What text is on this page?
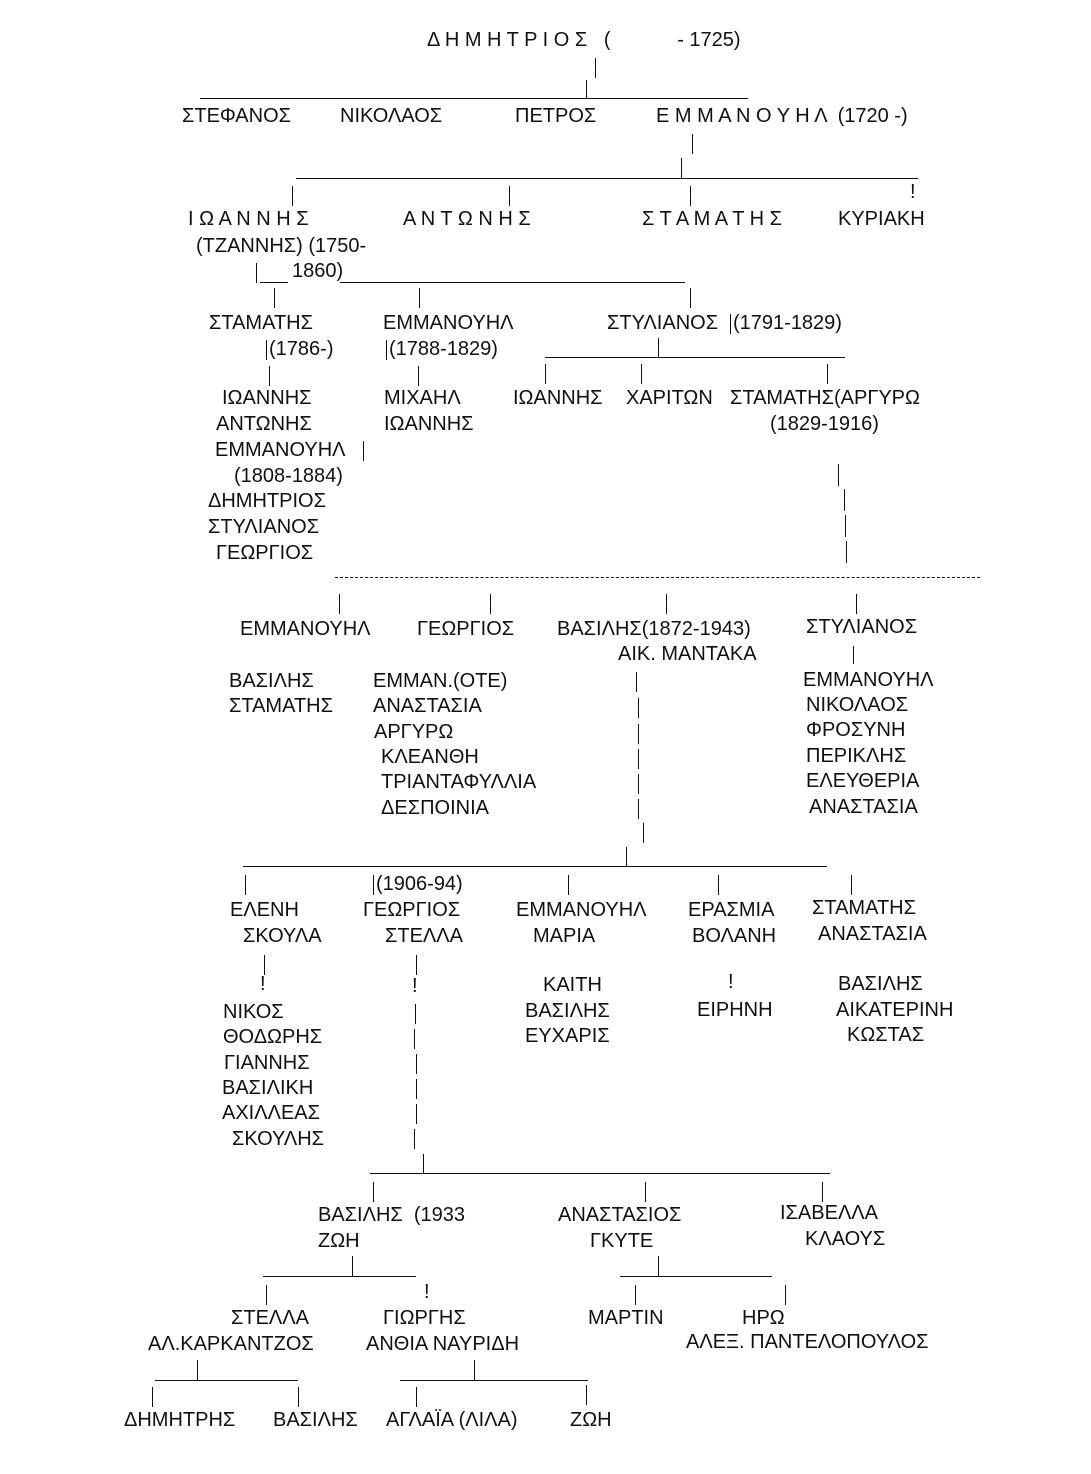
Δ Η Μ Η Τ Ρ Ι Ο Σ   (            - 1725)
ΣΤΕΦΑΝΟΣ ΝΙΚΟΛΑΟΣ	ΠΕΤΡΟΣ	Ε Μ Μ Α Ν Ο Υ Η Λ  (1720 -)
!
Ι Ω Α Ν Ν Η Σ	Α Ν Τ Ω Ν Η Σ	Σ Τ Α Μ Α Τ Η Σ	ΚΥΡΙΑΚΗ
(ΤΖΑΝΝΗΣ) (1750-
1860)
ΣΤΑΜΑΤΗΣ	ΕΜΜΑΝΟΥΗΛ	ΣΤΥΛΙΑΝΟΣ (1791-1829)
(1786-)	(1788-1829)
ΙΩΑΝΝΗΣ
ΑΝΤΩΝΗΣ
ΕΜΜΑΝΟΥΗΛ
(1808-1884)
ΔΗΜΗΤΡΙΟΣ
ΣΤΥΛΙΑΝΟΣ
ΓΕΩΡΓΙΟΣ
ΜΙΧΑΗΛ
ΙΩΑΝΝΗΣ
ΙΩΑΝΝΗΣ ΧΑΡΙΤΩΝ ΣΤΑΜΑΤΗΣ(ΑΡΓΥΡΩ
(1829-1916)
ΕΜΜΑΝΟΥΗΛ ΓΕΩΡΓΙΟΣ ΒΑΣΙΛΗΣ(1872-1943)	ΣΤΥΛΙΑΝΟΣ
ΑΙΚ. ΜΑΝΤΑΚΑ
ΒΑΣΙΛΗΣ
ΣΤΑΜΑΤΗΣ
ΕΜΜΑΝ.(ΟΤΕ)
ΑΝΑΣΤΑΣΙΑ
ΑΡΓΥΡΩ
ΚΛΕΑΝΘΗ
ΤΡΙΑΝΤΑΦΥΛΛΙΑ
ΔΕΣΠΟΙΝΙΑ
ΕΜΜΑΝΟΥΗΛ
ΝΙΚΟΛΑΟΣ
ΦΡΟΣΥΝΗ
ΠΕΡΙΚΛΗΣ
ΕΛΕΥΘΕΡΙΑ
ΑΝΑΣΤΑΣΙΑ
(1906-94)
ΕΛΕΝΗ	ΓΕΩΡΓΙΟΣ	ΕΜΜΑΝΟΥΗΛ ΕΡΑΣΜΙΑ ΣΤΑΜΑΤΗΣ
ΣΚΟΥΛΑ	ΣΤΕΛΛΑ	ΜΑΡΙΑ	ΒΟΛΑΝΗ ΑΝΑΣΤΑΣΙΑ
!	!	!
ΝΙΚΟΣ
ΘΟΔΩΡΗΣ
ΓΙΑΝΝΗΣ
ΒΑΣΙΛΙΚΗ
ΑΧΙΛΛΕΑΣ
ΣΚΟΥΛΗΣ
ΚΑΙΤΗ
ΒΑΣΙΛΗΣ
ΕΥΧΑΡΙΣ
ΕΙΡΗΝΗ
ΒΑΣΙΛΗΣ
ΑΙΚΑΤΕΡΙΝΗ
ΚΩΣΤΑΣ
ΒΑΣΙΛΗΣ  (1933	ΑΝΑΣΤΑΣΙΟΣ	ΙΣΑΒΕΛΛΑ
ΖΩΗ	ΓΚΥΤΕ	ΚΛΑΟΥΣ
!
ΣΤΕΛΛΑ	ΓΙΩΡΓΗΣ	ΜΑΡΤΙΝ	ΗΡΩ
ΑΛ.ΚΑΡΚΑΝΤΖΟΣ	ΑΝΘΙΑ ΝΑΥΡΙΔΗ	ΑΛΕΞ. ΠΑΝΤΕΛΟΠΟΥΛΟΣ
ΔΗΜΗΤΡΗΣ ΒΑΣΙΛΗΣ ΑΓΛΑΪΑ (ΛΙΛΑ)	ΖΩΗ
